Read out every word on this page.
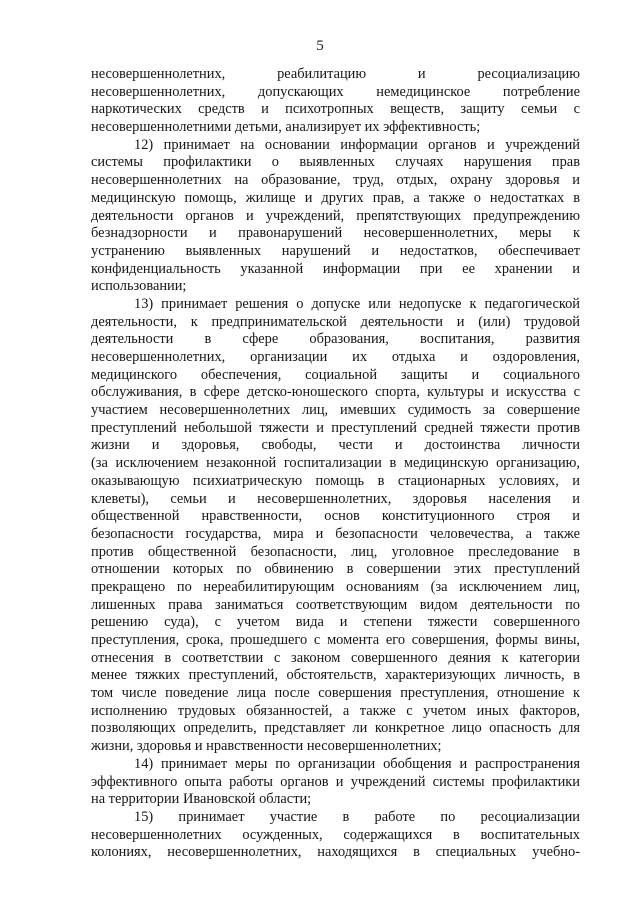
5
несовершеннолетних, реабилитацию и ресоциализацию
несовершеннолетних, допускающих немедицинское потребление
наркотических средств и психотропных веществ, защиту семьи с
несовершеннолетними детьми, анализирует их эффективность;
12) принимает на основании информации органов и учреждений
системы профилактики о выявленных случаях нарушения прав
несовершеннолетних на образование, труд, отдых, охрану здоровья и
медицинскую помощь, жилище и других прав, а также о недостатках в
деятельности органов и учреждений, препятствующих предупреждению
безнадзорности и правонарушений несовершеннолетних, меры к
устранению выявленных нарушений и недостатков, обеспечивает
конфиденциальность указанной информации при ее хранении и
использовании;
13) принимает решения о допуске или недопуске к педагогической
деятельности, к предпринимательской деятельности и (или) трудовой
деятельности в сфере образования, воспитания, развития
несовершеннолетних, организации их отдыха и оздоровления,
медицинского обеспечения, социальной защиты и социального
обслуживания, в сфере детско-юношеского спорта, культуры и искусства с
участием несовершеннолетних лиц, имевших судимость за совершение
преступлений небольшой тяжести и преступлений средней тяжести против
жизни и здоровья, свободы, чести и достоинства личности
(за исключением незаконной госпитализации в медицинскую организацию,
оказывающую психиатрическую помощь в стационарных условиях, и
клеветы), семьи и несовершеннолетних, здоровья населения и
общественной нравственности, основ конституционного строя и
безопасности государства, мира и безопасности человечества, а также
против общественной безопасности, лиц, уголовное преследование в
отношении которых по обвинению в совершении этих преступлений
прекращено по нереабилитирующим основаниям (за исключением лиц,
лишенных права заниматься соответствующим видом деятельности по
решению суда), с учетом вида и степени тяжести совершенного
преступления, срока, прошедшего с момента его совершения, формы вины,
отнесения в соответствии с законом совершенного деяния к категории
менее тяжких преступлений, обстоятельств, характеризующих личность, в
том числе поведение лица после совершения преступления, отношение к
исполнению трудовых обязанностей, а также с учетом иных факторов,
позволяющих определить, представляет ли конкретное лицо опасность для
жизни, здоровья и нравственности несовершеннолетних;
14) принимает меры по организации обобщения и распространения
эффективного опыта работы органов и учреждений системы профилактики
на территории Ивановской области;
15) принимает участие в работе по ресоциализации
несовершеннолетних осужденных, содержащихся в воспитательных
колониях, несовершеннолетних, находящихся в специальных учебно-
